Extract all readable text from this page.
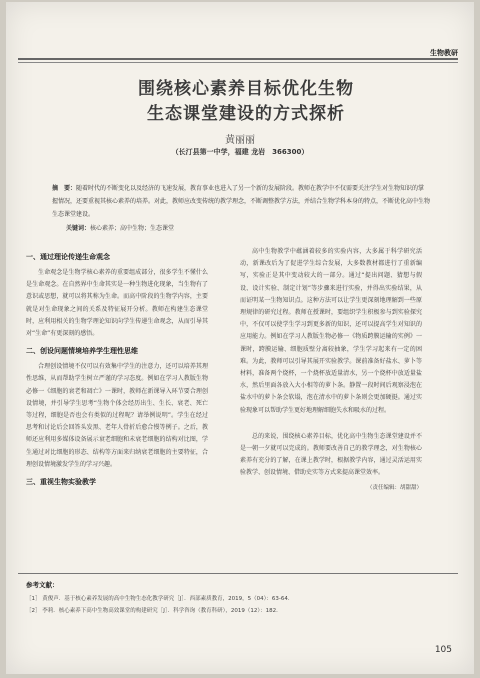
生物教研
围绕核心素养目标优化生物
生态课堂建设的方式探析
黄丽丽
（长汀县第一中学，福建 龙岩　366300）
摘　要：随着时代的不断变化以及经济的飞速发展，教育事业也进入了另一个新的发展阶段。教师在教学中不仅需要关注学生对生物知识的掌握情况，还要重视其核心素养的培养。对此，教师应改变传统的教学理念，不断调整教学方法，并结合生物学科本身的特点，不断优化高中生物生态课堂建设。
关键词：核心素养；高中生物；生态课堂
一、通过理论传递生命观念

生命观念是生物学核心素养的重要组成部分，很多学生不懂什么是生命观念。在自然界中生命其实是一种生物进化现象，当生物有了意识或思想，就可以将其称为生命。而高中阶段的生物学内容，主要就是对生命现象之间的关系及特征展开分析。教师在构建生态课堂时，应利用相关的生物学理论知识向学生传递生命观念，从而引导其对“生命”有更深刻的感悟。

二、创设问题情境培养学生理性思维

合理创设情境不仅可以有效集中学生的注意力，还可以培养其理性思维，从而帮助学生树立严谨的学习态度。例如在学习人教版生物必修一《细胞的衰老和凋亡》一课时，教师在新课导入环节要合理创设情境，并引导学生思考“生物个体会经历出生、生长、衰老、死亡等过程，细胞是否也会有类似的过程呢？请举例说明”。学生在经过思考和讨论后会回答头发黑、老年人骨折后愈合慢等例子。之后，教师还应利用多媒体设备展示衰老细胞和未衰老细胞的结构对比图，学生通过对比细胞的形态、结构等方面来归纳衰老细胞的主要特征，合理创设情境激发学生的学习兴趣。

三、重视生物实验教学

高中生物教学中蕴涵着较多的实验内容，大多属于科学研究活动，新课改后为了促进学生综合发展，大多数教材都进行了重新编写，实验正是其中变动较大的一部分。通过“提出问题、猜想与假设、设计实验、制定计划”等步骤来进行实验，并得出实验结果，从而证明某一生物知识点。这种方法可以让学生更深刻地理解到一些原理规律的研究过程。教师在授课时，要组织学生积极参与到实验探究中，不仅可以使学生学习到更多新的知识，还可以提高学生对知识的应用能力。例如在学习人教版生物必修一《物质跨膜运输的实例》一课时，跨膜运输、细胞质壁分离较抽象，学生学习起来有一定的困难。为此，教师可以引导其展开实验教学。课前准备好盐水、萝卜等材料，准备两个烧杯，一个烧杯放适量清水，另一个烧杯中放适量盐水，然后里面各放入大小相等的萝卜条。静置一段时间后观察浸泡在盐水中的萝卜条会软塌，泡在清水中的萝卜条则会更加硬挺。通过实验现象可以帮助学生更好地理解细胞失水和吸水的过程。

总的来说，围绕核心素养目标，优化高中生物生态课堂建设并不是一朝一夕就可以完成的。教师要改善自己的教学理念，对生物核心素养有充分的了解，在课上教学时，根据教学内容，通过灵活运用实验教学、创设情境、借助史实等方式来提高课堂效率。

（责任编辑：胡甜甜）
参考文献：
［1］ 黄俊声．基于核心素养发展的高中生物生态化教学研究［J］．西部素质教育，2019，5（04）：63-64．
［2］ 李莉．核心素养下高中生物高效课堂的构建研究［J］．科学咨询（教育科研），2019（12）：182．
105
